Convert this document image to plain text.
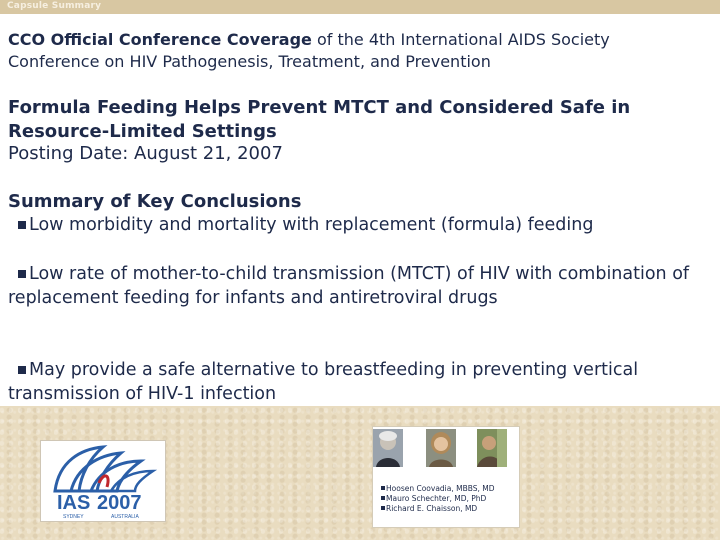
Capsule Summary
CCO Official Conference Coverage of the 4th International AIDS Society
Conference on HIV Pathogenesis, Treatment, and Prevention
Formula Feeding Helps Prevent MTCT and Considered Safe in
Resource-Limited Settings
Posting Date: August 21, 2007
Summary of Key Conclusions
Low morbidity and mortality with replacement (formula) feeding
Low rate of mother-to-child transmission (MTCT) of HIV with combination of replacement feeding for infants and antiretroviral drugs
May provide a safe alternative to breastfeeding in preventing vertical transmission of HIV-1 infection
IAS 2007
SYDNEY	AUSTRALIA
Hoosen Coovadia, MBBS, MD
Mauro Schechter, MD, PhD
Richard E. Chaisson, MD
